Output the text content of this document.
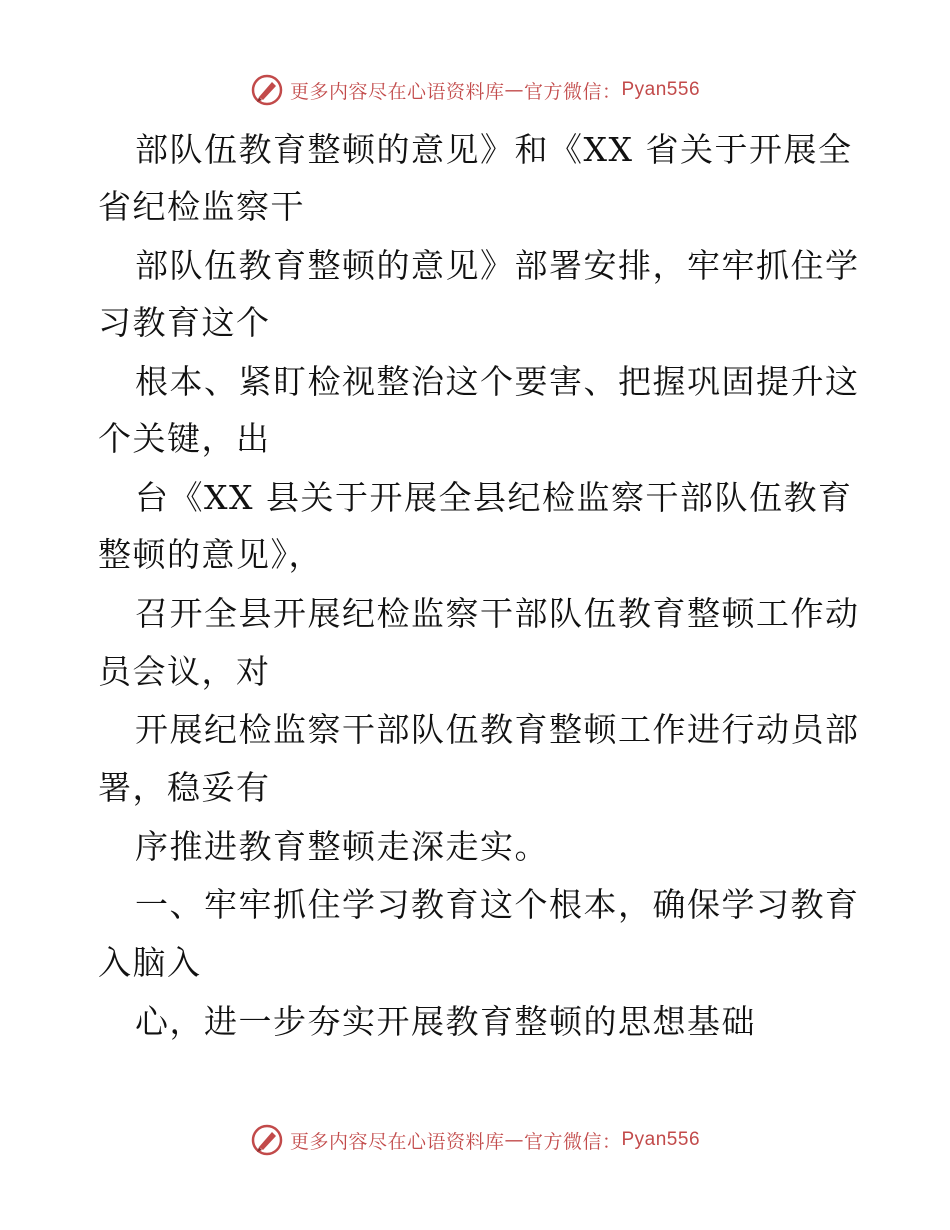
更多内容尽在心语资料库 — 官方微信： Pyan556
部队伍教育整顿的意见》和《XX 省关于开展全
省纪检监察干
部队伍教育整顿的意见》部署安排，牢牢抓住学
习教育这个
根本、紧盯检视整治这个要害、把握巩固提升这
个关键，出
台《XX 县关于开展全县纪检监察干部队伍教育
整顿的意见》，
召开全县开展纪检监察干部队伍教育整顿工作动
员会议，对
开展纪检监察干部队伍教育整顿工作进行动员部
署，稳妥有
序推进教育整顿走深走实。
一、牢牢抓住学习教育这个根本，确保学习教育
入脑入
心，进一步夯实开展教育整顿的思想基础
更多内容尽在心语资料库 — 官方微信： Pyan556
